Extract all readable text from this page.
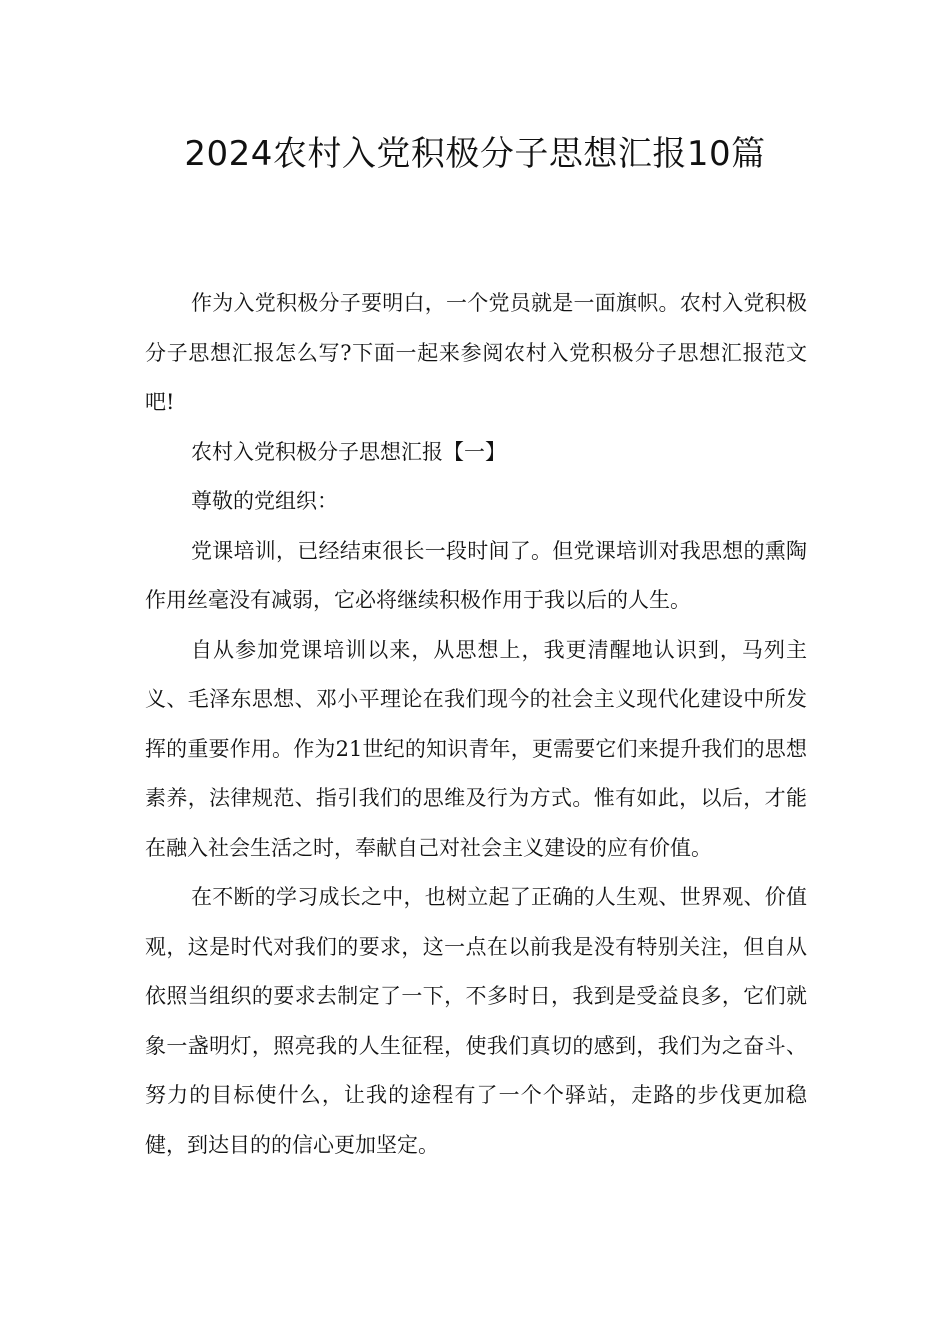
2024农村入党积极分子思想汇报10篇

作为入党积极分子要明白，一个党员就是一面旗帜。农村入党积极分子思想汇报怎么写?下面一起来参阅农村入党积极分子思想汇报范文吧!

农村入党积极分子思想汇报【一】

尊敬的党组织：

党课培训，已经结束很长一段时间了。但党课培训对我思想的熏陶作用丝毫没有减弱，它必将继续积极作用于我以后的人生。

自从参加党课培训以来，从思想上，我更清醒地认识到，马列主义、毛泽东思想、邓小平理论在我们现今的社会主义现代化建设中所发挥的重要作用。作为21世纪的知识青年，更需要它们来提升我们的思想素养，法律规范、指引我们的思维及行为方式。惟有如此，以后，才能在融入社会生活之时，奉献自己对社会主义建设的应有价值。

在不断的学习成长之中，也树立起了正确的人生观、世界观、价值观，这是时代对我们的要求，这一点在以前我是没有特别关注，但自从依照当组织的要求去制定了一下，不多时日，我到是受益良多，它们就象一盏明灯，照亮我的人生征程，使我们真切的感到，我们为之奋斗、努力的目标使什么，让我的途程有了一个个驿站，走路的步伐更加稳健，到达目的的信心更加坚定。
